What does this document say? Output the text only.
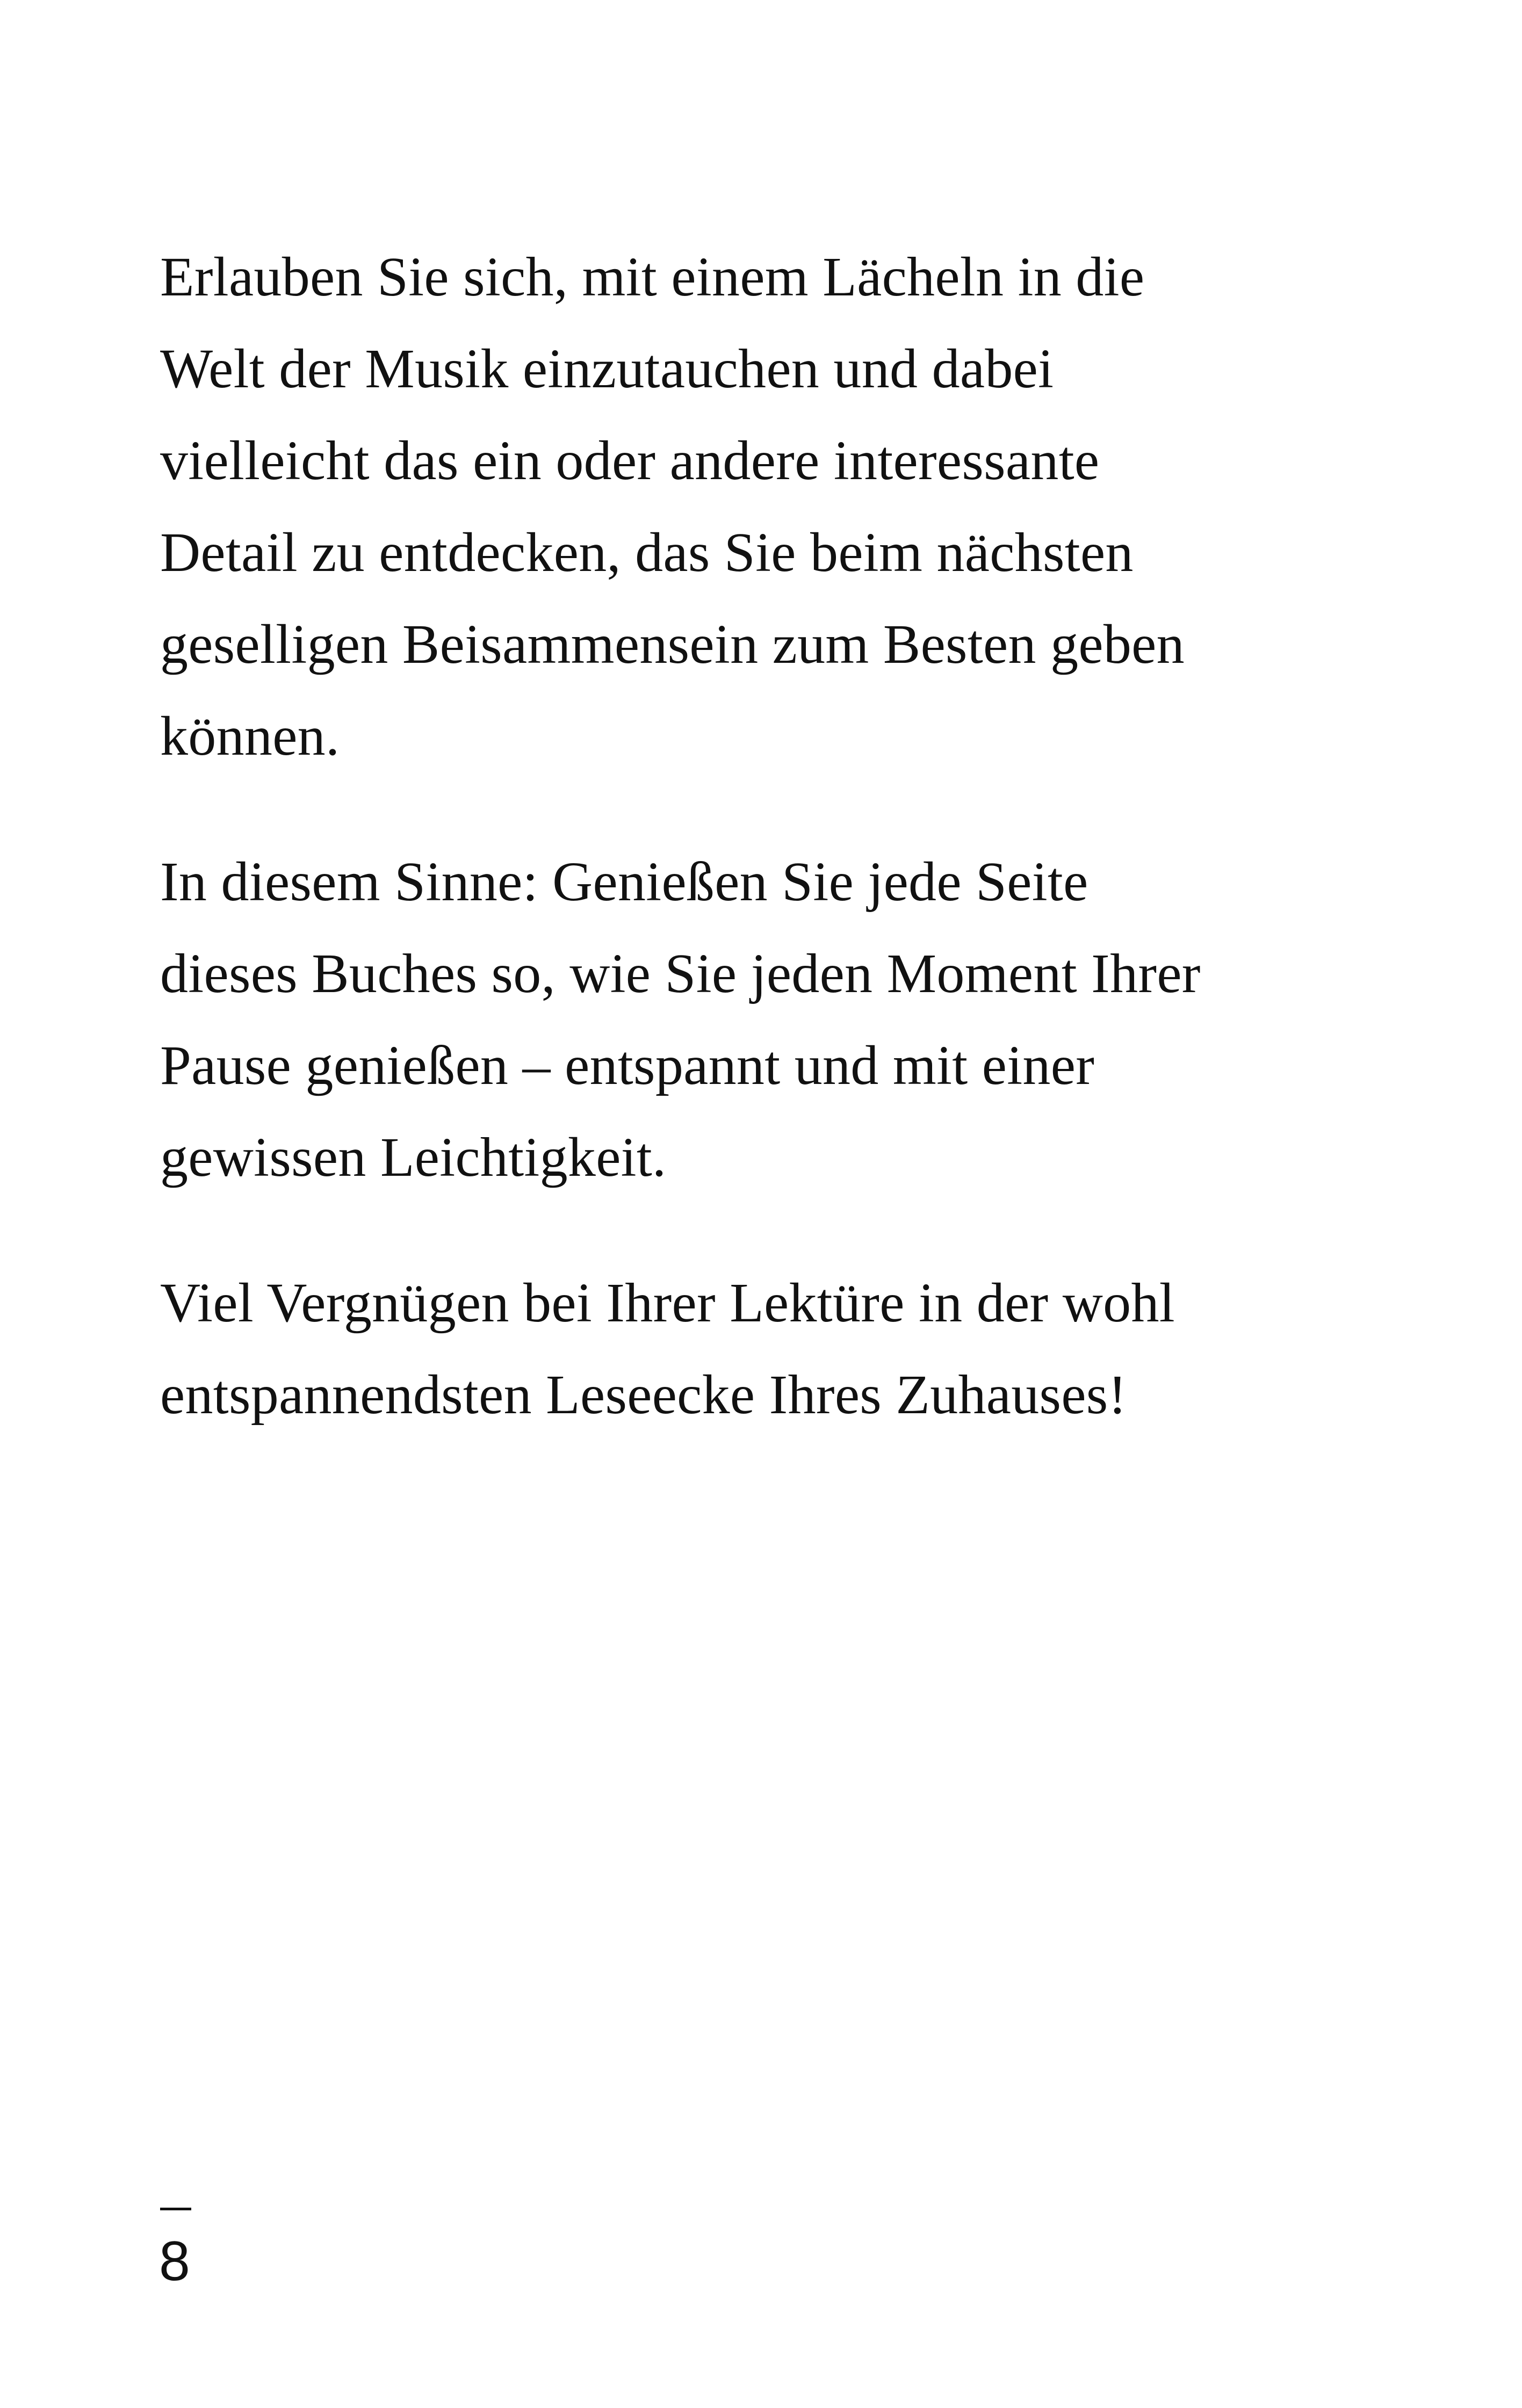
Erlauben Sie sich, mit einem Lächeln in die
Welt der Musik einzutauchen und dabei
vielleicht das ein oder andere interessante
Detail zu entdecken, das Sie beim nächsten
geselligen Beisammensein zum Besten geben
können.

In diesem Sinne: Genießen Sie jede Seite
dieses Buches so, wie Sie jeden Moment Ihrer
Pause genießen – entspannt und mit einer
gewissen Leichtigkeit.

Viel Vergnügen bei Ihrer Lektüre in der wohl
entspannendsten Leseecke Ihres Zuhauses!

8
